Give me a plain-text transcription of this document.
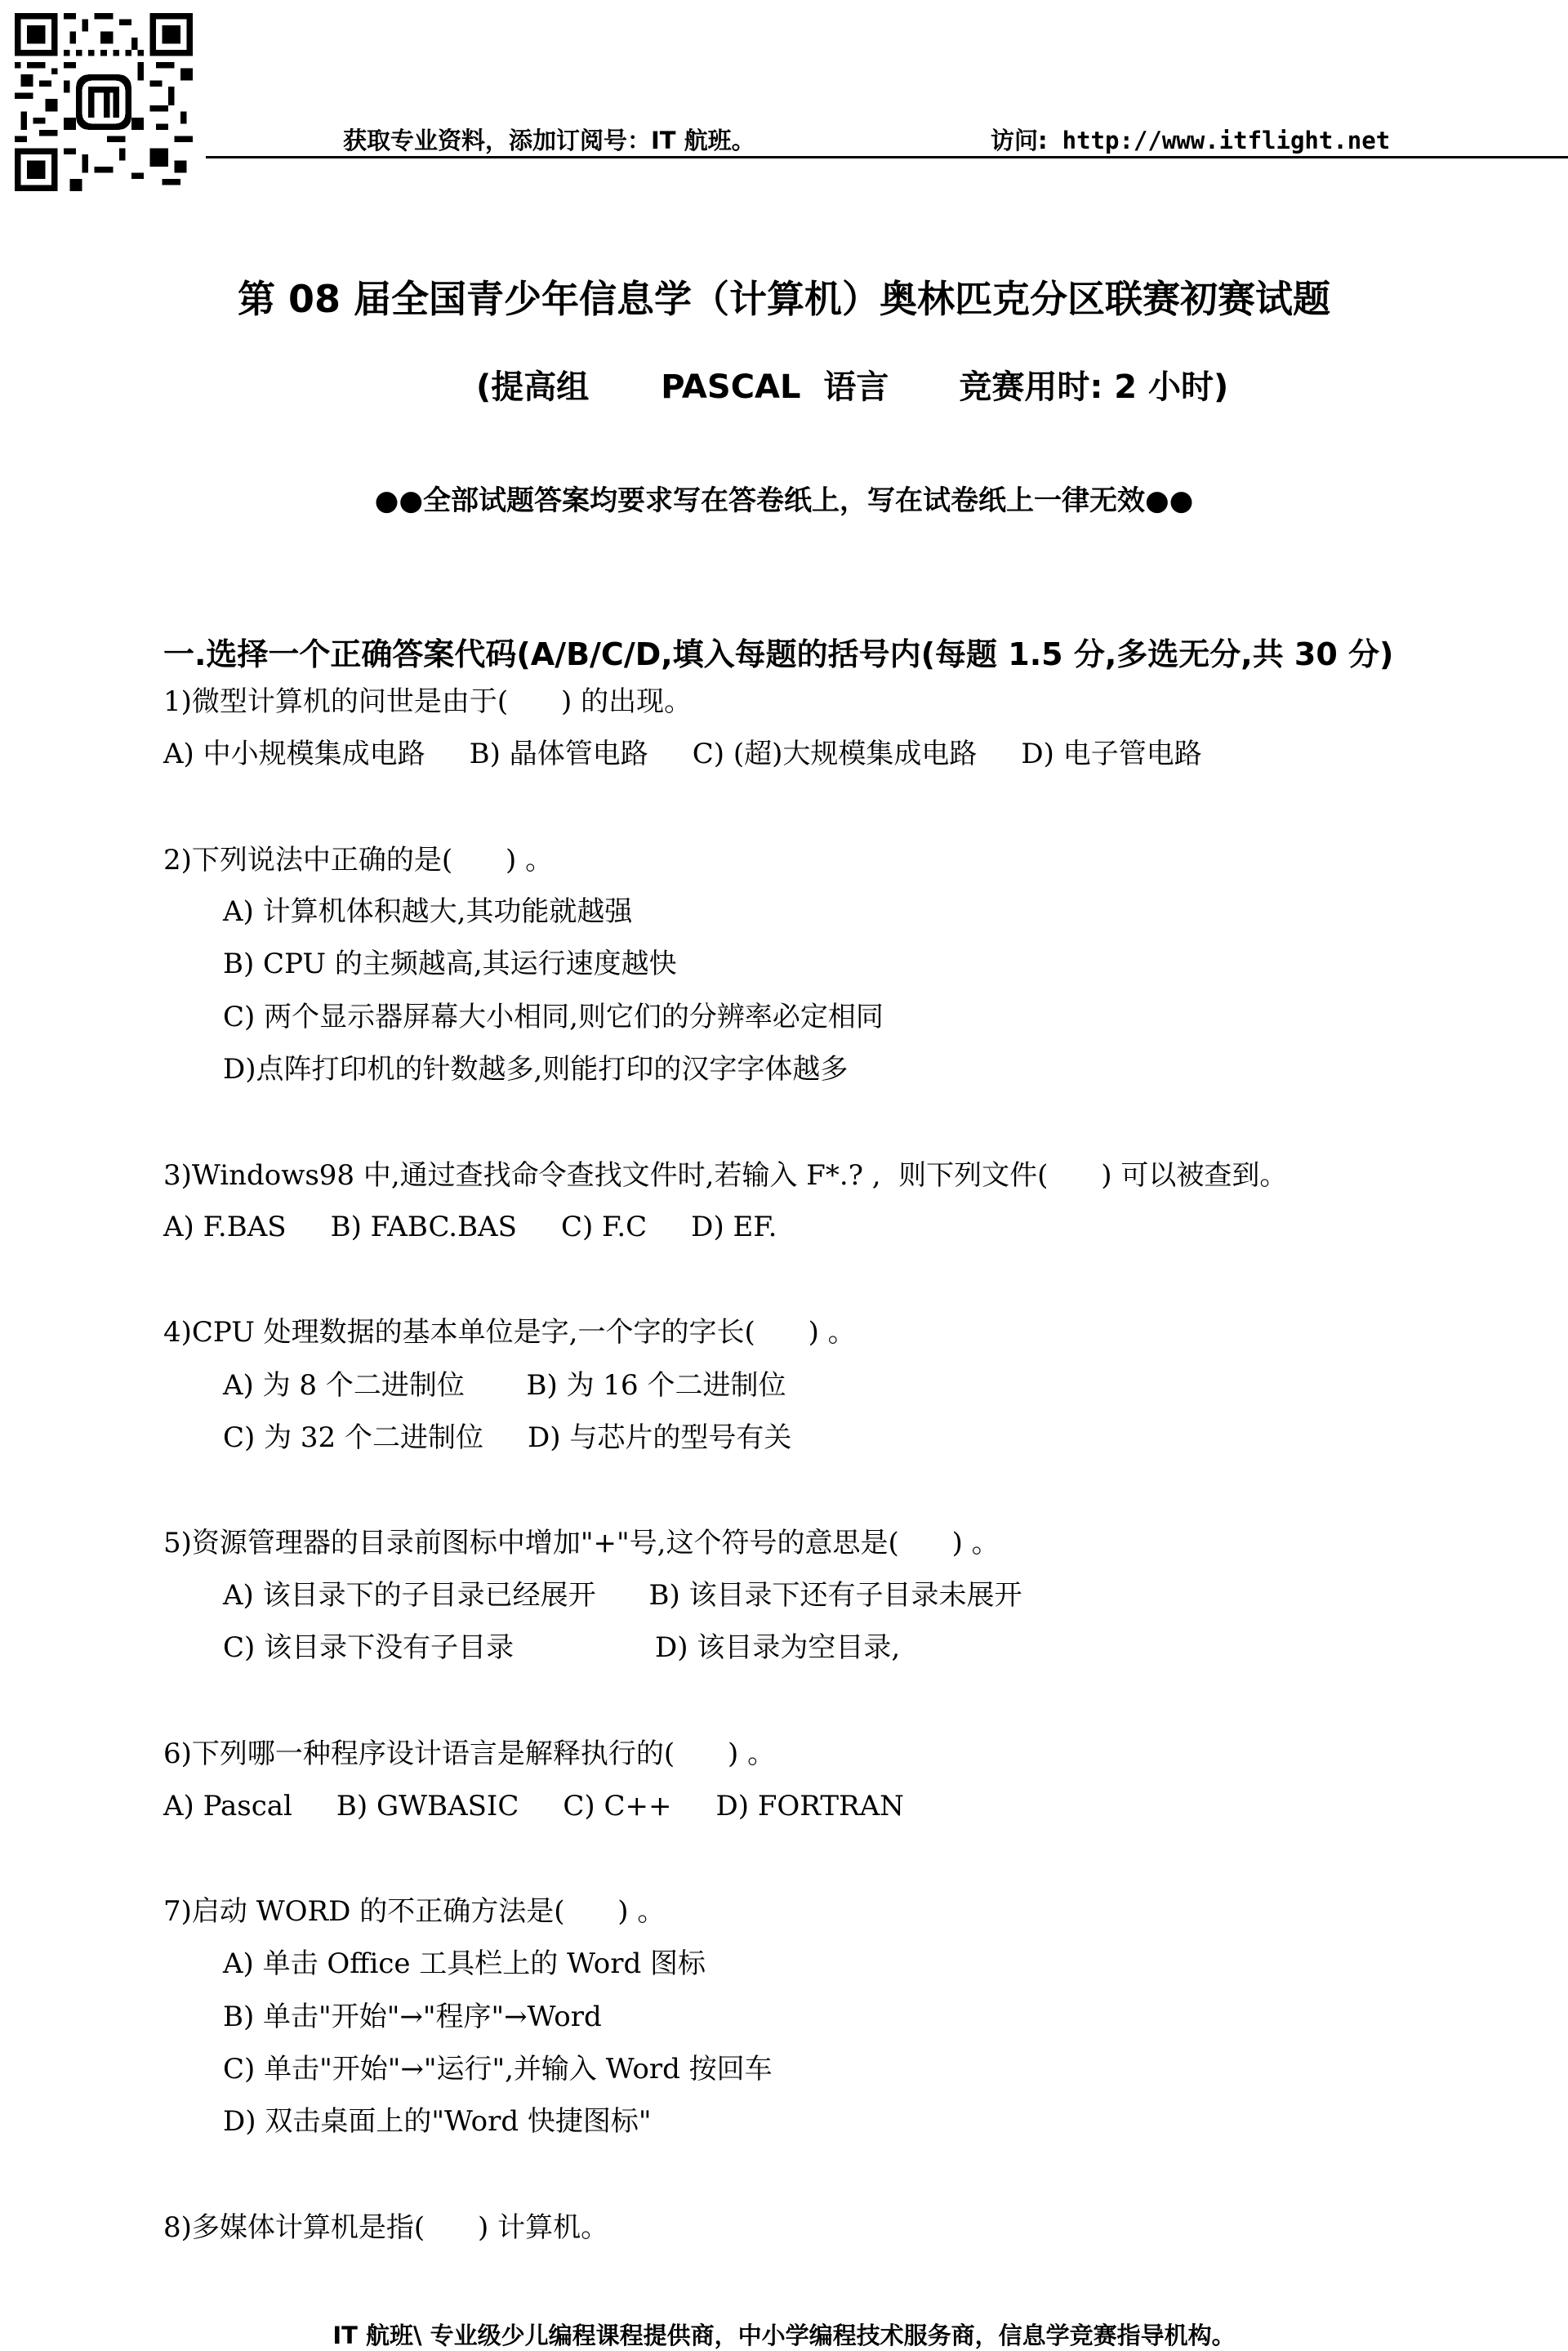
获取专业资料，添加订阅号：IT 航班。	访问: http://www.itflight.net
第 08 届全国青少年信息学（计算机）奥林匹克分区联赛初赛试题
(提高组 PASCAL  语言 竞赛用时: 2 小时)
●●全部试题答案均要求写在答卷纸上，写在试卷纸上一律无效●●
一.选择一个正确答案代码(A/B/C/D,填入每题的括号内(每题 1.5 分,多选无分,共 30 分)
1)微型计算机的问世是由于(      ) 的出现。
A) 中小规模集成电路     B) 晶体管电路     C) (超)大规模集成电路     D) 电子管电路
2)下列说法中正确的是(      ) 。
A) 计算机体积越大,其功能就越强
B) CPU 的主频越高,其运行速度越快
C) 两个显示器屏幕大小相同,则它们的分辨率必定相同
D)点阵打印机的针数越多,则能打印的汉字字体越多
3)Windows98 中,通过查找命令查找文件时,若输入 F*.? ,  则下列文件(      ) 可以被查到。
A) F.BAS     B) FABC.BAS     C) F.C     D) EF.
4)CPU 处理数据的基本单位是字,一个字的字长(      ) 。
A) 为 8 个二进制位       B) 为 16 个二进制位
C) 为 32 个二进制位     D) 与芯片的型号有关
5)资源管理器的目录前图标中增加"+"号,这个符号的意思是(      ) 。
A) 该目录下的子目录已经展开      B) 该目录下还有子目录未展开
C) 该目录下没有子目录                D) 该目录为空目录,
6)下列哪一种程序设计语言是解释执行的(      ) 。
A) Pascal     B) GWBASIC     C) C++     D) FORTRAN
7)启动 WORD 的不正确方法是(      ) 。
A) 单击 Office 工具栏上的 Word 图标
B) 单击"开始"→"程序"→Word
C) 单击"开始"→"运行",并输入 Word 按回车
D) 双击桌面上的"Word 快捷图标"
8)多媒体计算机是指(      ) 计算机。
IT 航班\ 专业级少儿编程课程提供商，中小学编程技术服务商，信息学竞赛指导机构。
